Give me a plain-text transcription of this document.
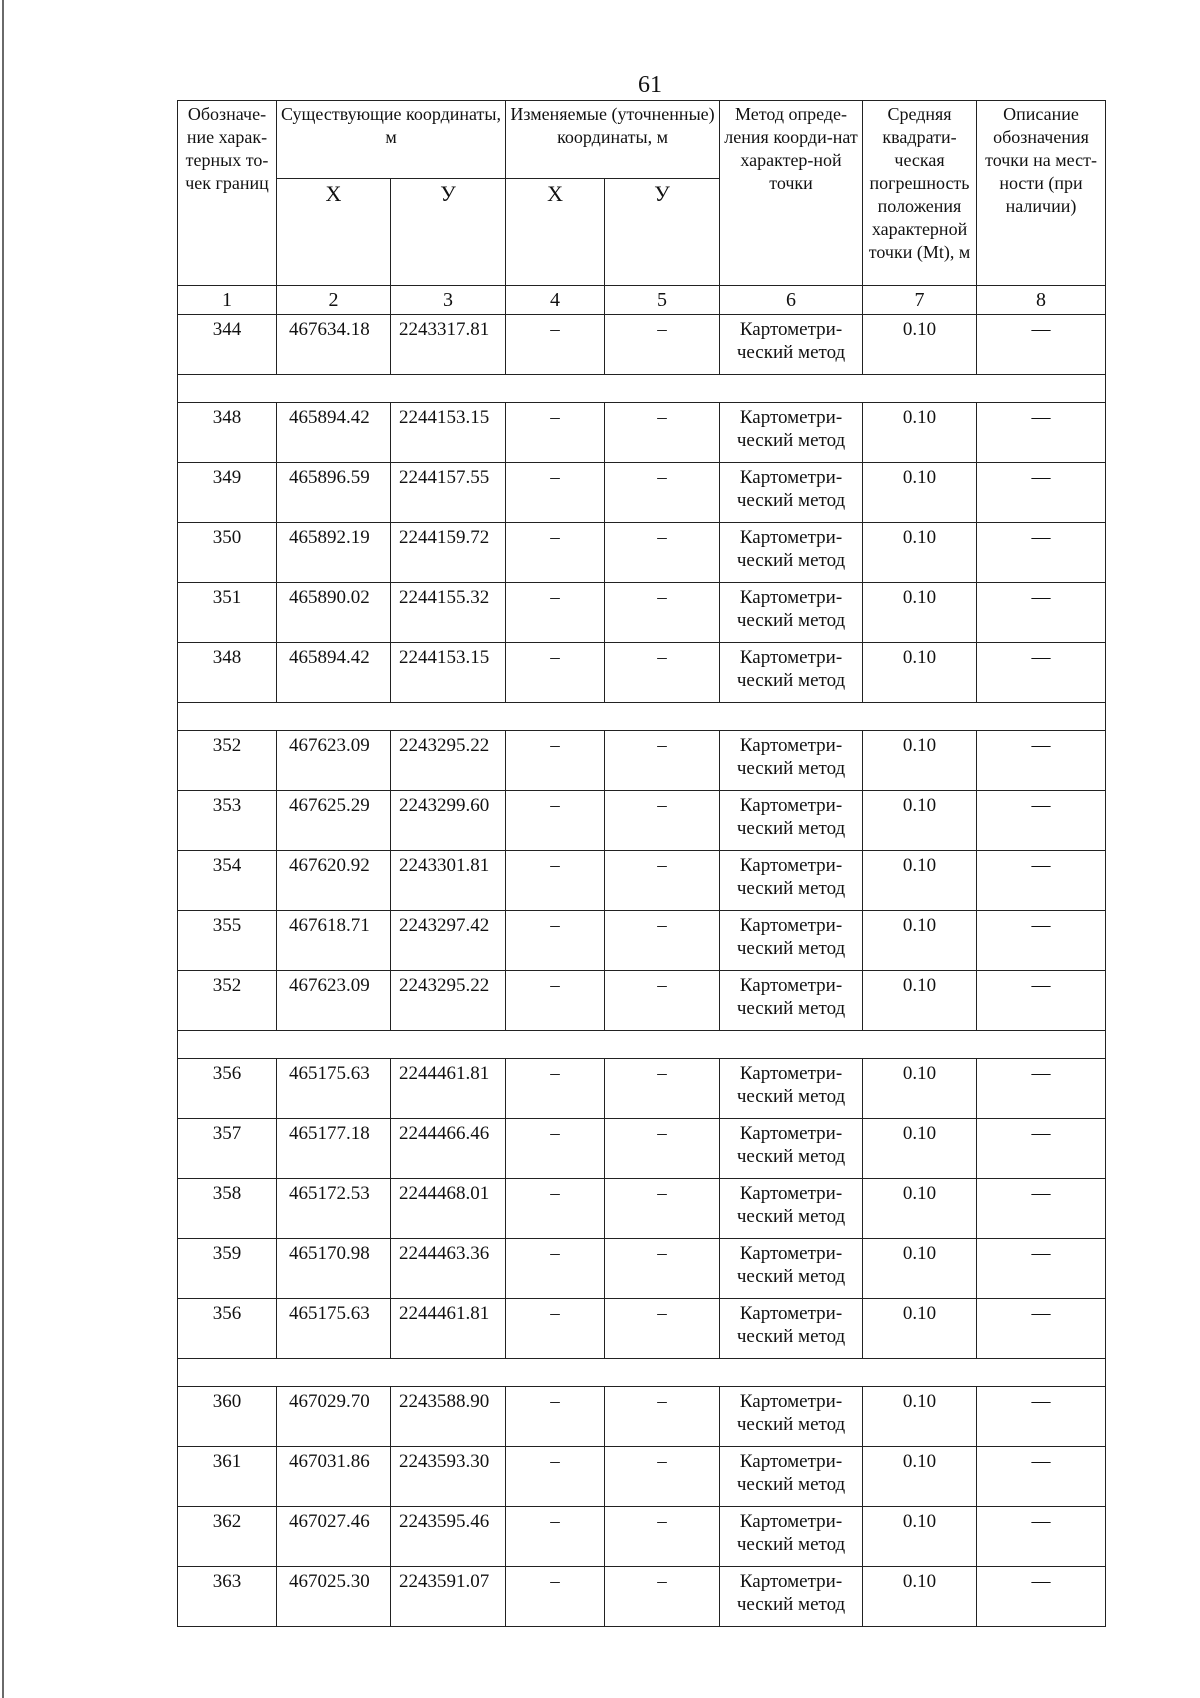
61
Обозначе-ние харак-терных то-чек границ	Существующие координаты, м		Изменяемые (уточненные) координаты, м		Метод опреде-ления коорди-нат характер-ной точки	Средняя квадрати-ческая погрешность положения характерной точки (Mt), м	Описание обозначения точки на мест-ности (при наличии)
	Х	У	Х	У			
1	2	3	4	5	6	7	8
344	467634.18	2243317.81	–	–	Картометри-ческий метод	0.10	—

348	465894.42	2244153.15	–	–	Картометри-ческий метод	0.10	—
349	465896.59	2244157.55	–	–	Картометри-ческий метод	0.10	—
350	465892.19	2244159.72	–	–	Картометри-ческий метод	0.10	—
351	465890.02	2244155.32	–	–	Картометри-ческий метод	0.10	—
348	465894.42	2244153.15	–	–	Картометри-ческий метод	0.10	—

352	467623.09	2243295.22	–	–	Картометри-ческий метод	0.10	—
353	467625.29	2243299.60	–	–	Картометри-ческий метод	0.10	—
354	467620.92	2243301.81	–	–	Картометри-ческий метод	0.10	—
355	467618.71	2243297.42	–	–	Картометри-ческий метод	0.10	—
352	467623.09	2243295.22	–	–	Картометри-ческий метод	0.10	—

356	465175.63	2244461.81	–	–	Картометри-ческий метод	0.10	—
357	465177.18	2244466.46	–	–	Картометри-ческий метод	0.10	—
358	465172.53	2244468.01	–	–	Картометри-ческий метод	0.10	—
359	465170.98	2244463.36	–	–	Картометри-ческий метод	0.10	—
356	465175.63	2244461.81	–	–	Картометри-ческий метод	0.10	—

360	467029.70	2243588.90	–	–	Картометри-ческий метод	0.10	—
361	467031.86	2243593.30	–	–	Картометри-ческий метод	0.10	—
362	467027.46	2243595.46	–	–	Картометри-ческий метод	0.10	—
363	467025.30	2243591.07	–	–	Картометри-ческий метод	0.10	—
